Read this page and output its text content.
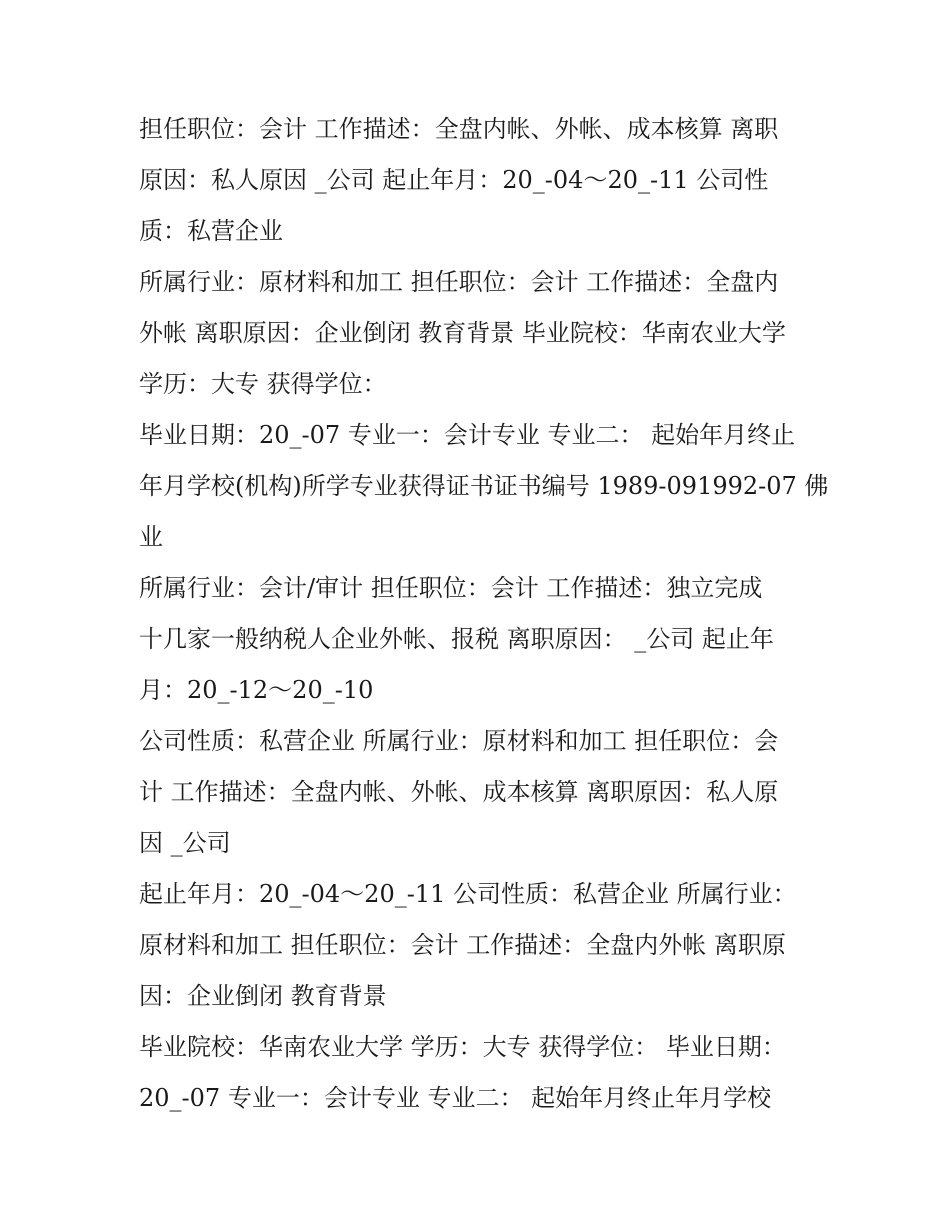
担任职位：会计 工作描述：全盘内帐、外帐、成本核算 离职
原因：私人原因 _公司 起止年月：20_-04～20_-11 公司性
质：私营企业
所属行业：原材料和加工 担任职位：会计 工作描述：全盘内
外帐 离职原因：企业倒闭 教育背景 毕业院校：华南农业大学
学历：大专 获得学位：
毕业日期：20_-07 专业一：会计专业 专业二： 起始年月终止
年月学校(机构)所学专业获得证书证书编号 1989-091992-07 佛
业
所属行业：会计/审计 担任职位：会计 工作描述：独立完成
十几家一般纳税人企业外帐、报税 离职原因： _公司 起止年
月：20_-12～20_-10
公司性质：私营企业 所属行业：原材料和加工 担任职位：会
计 工作描述：全盘内帐、外帐、成本核算 离职原因：私人原
因 _公司
起止年月：20_-04～20_-11 公司性质：私营企业 所属行业：
原材料和加工 担任职位：会计 工作描述：全盘内外帐 离职原
因：企业倒闭 教育背景
毕业院校：华南农业大学 学历：大专 获得学位： 毕业日期：
20_-07 专业一：会计专业 专业二： 起始年月终止年月学校
